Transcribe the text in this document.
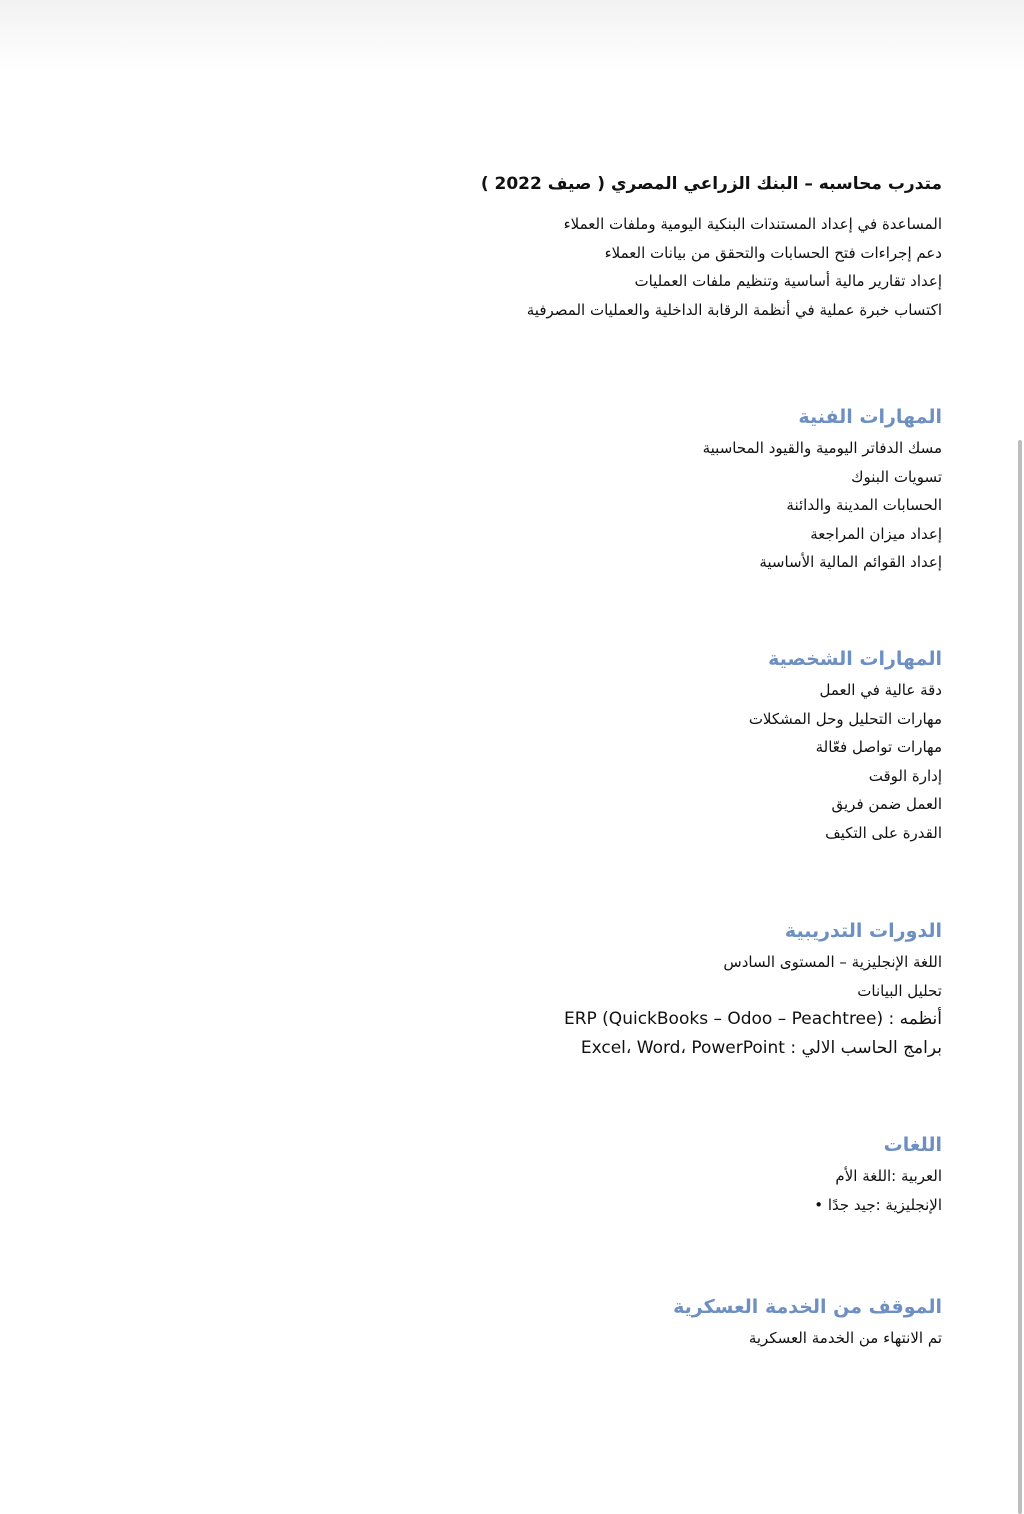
متدرب محاسبه – البنك الزراعي المصري ( صيف 2022 )
المساعدة في إعداد المستندات البنكية اليومية وملفات العملاء
دعم إجراءات فتح الحسابات والتحقق من بيانات العملاء
إعداد تقارير مالية أساسية وتنظيم ملفات العمليات
اكتساب خبرة عملية في أنظمة الرقابة الداخلية والعمليات المصرفية
المهارات الفنية
مسك الدفاتر اليومية والقيود المحاسبية
تسويات البنوك
الحسابات المدينة والدائنة
إعداد ميزان المراجعة
إعداد القوائم المالية الأساسية
المهارات الشخصية
دقة عالية في العمل
مهارات التحليل وحل المشكلات
مهارات تواصل فعّالة
إدارة الوقت
العمل ضمن فريق
القدرة على التكيف
الدورات التدريبية
اللغة الإنجليزية – المستوى السادس
تحليل البيانات
أنظمه : ERP (QuickBooks – Odoo – Peachtree)
برامج الحاسب الالي : Excel، Word، PowerPoint
اللغات
العربية :اللغة الأم
الإنجليزية :جيد جدًا •
الموقف من الخدمة العسكرية
تم الانتهاء من الخدمة العسكرية
